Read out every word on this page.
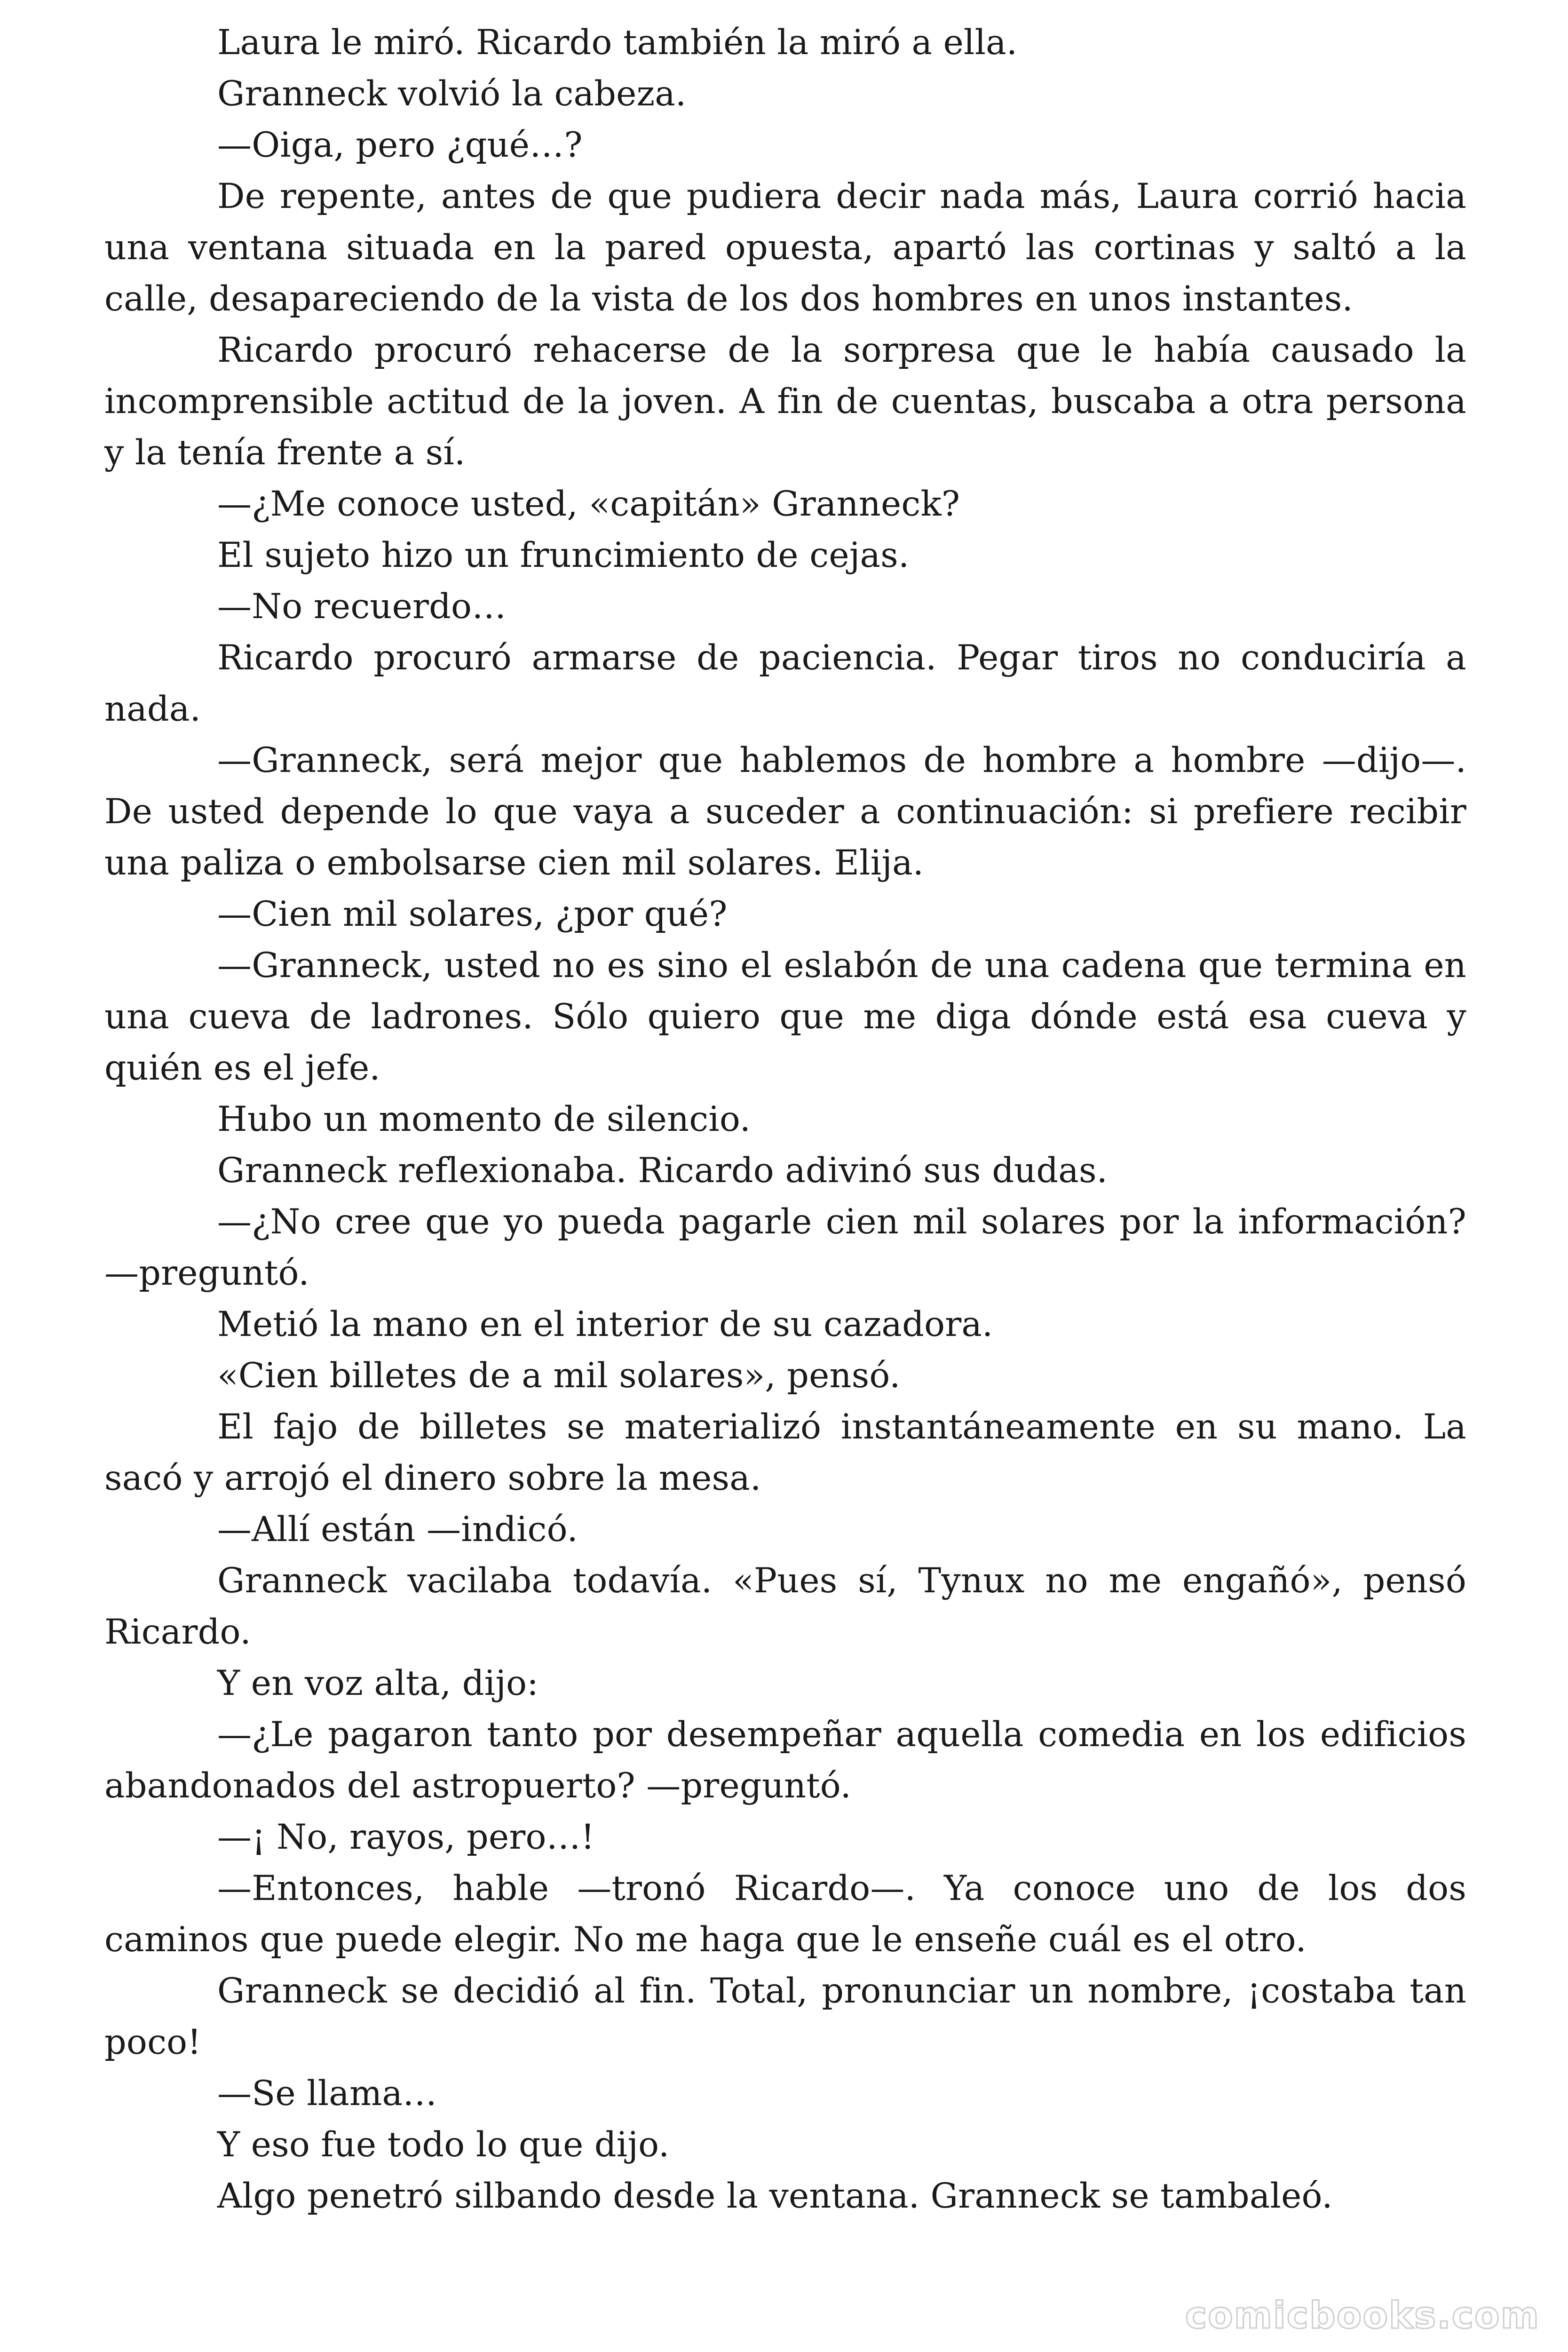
Laura le miró. Ricardo también la miró a ella.

Granneck volvió la cabeza.

—Oiga, pero ¿qué…?

De repente, antes de que pudiera decir nada más, Laura corrió hacia una ventana situada en la pared opuesta, apartó las cortinas y saltó a la calle, desapareciendo de la vista de los dos hombres en unos instantes.

Ricardo procuró rehacerse de la sorpresa que le había causado la incomprensible actitud de la joven. A fin de cuentas, buscaba a otra persona y la tenía frente a sí.

—¿Me conoce usted, «capitán» Granneck?

El sujeto hizo un fruncimiento de cejas.

—No recuerdo…

Ricardo procuró armarse de paciencia. Pegar tiros no conduciría a nada.

—Granneck, será mejor que hablemos de hombre a hombre —dijo—. De usted depende lo que vaya a suceder a continuación: si prefiere recibir una paliza o embolsarse cien mil solares. Elija.

—Cien mil solares, ¿por qué?

—Granneck, usted no es sino el eslabón de una cadena que termina en una cueva de ladrones. Sólo quiero que me diga dónde está esa cueva y quién es el jefe.

Hubo un momento de silencio.

Granneck reflexionaba. Ricardo adivinó sus dudas.

—¿No cree que yo pueda pagarle cien mil solares por la información? —preguntó.

Metió la mano en el interior de su cazadora.

«Cien billetes de a mil solares», pensó.

El fajo de billetes se materializó instantáneamente en su mano. La sacó y arrojó el dinero sobre la mesa.

—Allí están —indicó.

Granneck vacilaba todavía. «Pues sí, Tynux no me engañó», pensó Ricardo.

Y en voz alta, dijo:

—¿Le pagaron tanto por desempeñar aquella comedia en los edificios abandonados del astropuerto? —preguntó.

—¡ No, rayos, pero…!

—Entonces, hable —tronó Ricardo—. Ya conoce uno de los dos caminos que puede elegir. No me haga que le enseñe cuál es el otro.

Granneck se decidió al fin. Total, pronunciar un nombre, ¡costaba tan poco!

—Se llama…

Y eso fue todo lo que dijo.

Algo penetró silbando desde la ventana. Granneck se tambaleó.

comicbooks.com
